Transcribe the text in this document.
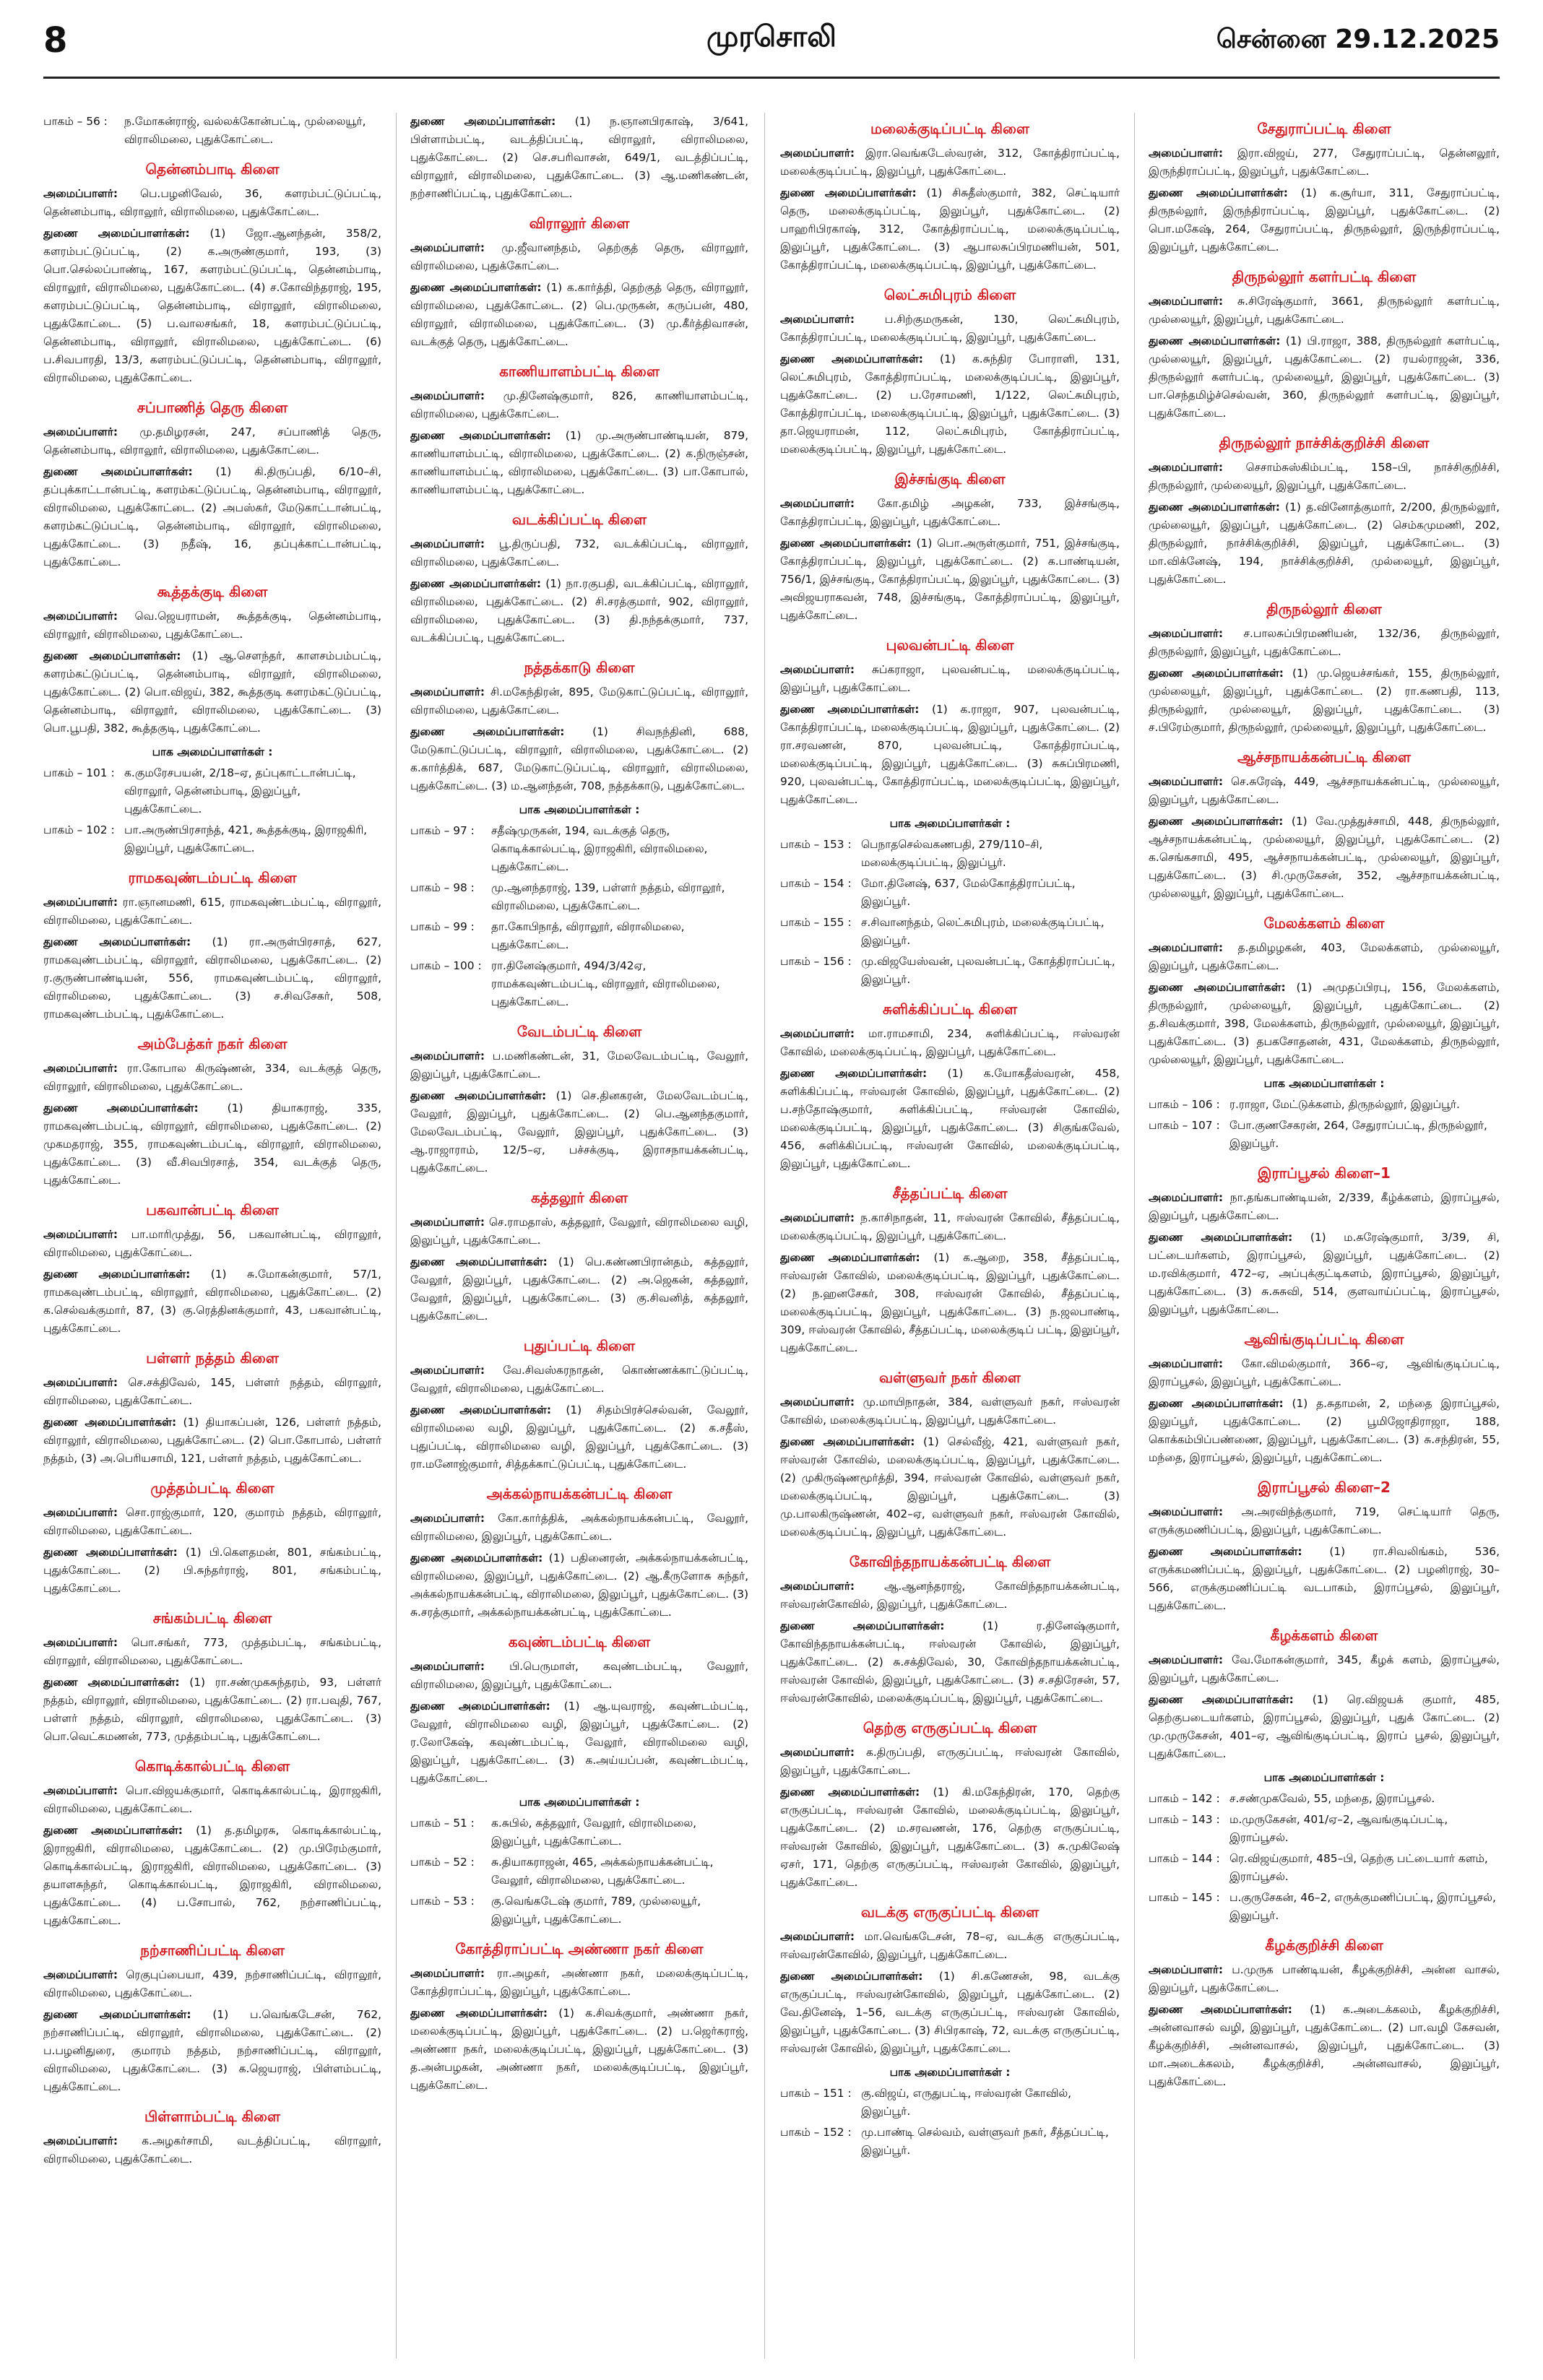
8	முரசொலி	சென்னை 29.12.2025
பாகம் – 56 :	ந.மோகன்ராஜ், வல்லக்கோன்பட்டி, முல்லையூர், விராலிமலை, புதுக்கோட்டை.
தென்னம்பாடி கிளை

அமைப்பாளர்: பெ.பழனிவேல், 36, களரம்பட்டுப்பட்டி, தென்னம்பாடி, விராலூர், விராலிமலை, புதுக்கோட்டை.

துணை அமைப்பாளர்கள்: (1) ஜோ.ஆனந்தன், 358/2, களரம்பட்டுப்பட்டி, (2) க.அருண்குமார், 193, (3) பொ.செல்லப்பாண்டி, 167, களரம்பட்டுப்பட்டி, தென்னம்பாடி, விராலூர், விராலிமலை, புதுக்கோட்டை. (4) ச.கோவிந்தராஜ், 195, களரம்பட்டுப்பட்டி, தென்னம்பாடி, விராலூர், விராலிமலை, புதுக்கோட்டை. (5) ப.வாலசங்கர், 18, களரம்பட்டுப்பட்டி, தென்னம்பாடி, விராலூர், விராலிமலை, புதுக்கோட்டை. (6) ப.சிவபாரதி, 13/3, களரம்பட்டுப்பட்டி, தென்னம்பாடி, விராலூர், விராலிமலை, புதுக்கோட்டை.

சப்பாணித் தெரு கிளை

அமைப்பாளர்: மு.தமிழரசன், 247, சப்பாணித் தெரு, தென்னம்பாடி, விராலூர், விராலிமலை, புதுக்கோட்டை.

துணை அமைப்பாளர்கள்: (1) கி.திருப்பதி, 6/10–சி, தப்புக்காட்டான்பட்டி, களரம்கட்டுப்பட்டி, தென்னம்பாடி, விராலூர், விராலிமலை, புதுக்கோட்டை. (2) அபஸ்கர், மேடுகாட்டான்பட்டி, களரம்கட்டுப்பட்டி, தென்னம்பாடி, விராலூர், விராலிமலை, புதுக்கோட்டை. (3) நதீஷ், 16, தப்புக்காட்டான்பட்டி, புதுக்கோட்டை.

கூத்தக்குடி கிளை

அமைப்பாளர்: வெ.ஜெயராமன், கூத்தக்குடி, தென்னம்பாடி, விராலூர், விராலிமலை, புதுக்கோட்டை.

துணை அமைப்பாளர்கள்: (1) ஆ.சௌந்தர், காளசம்பம்பட்டி, களரம்கட்டுப்பட்டி, தென்னம்பாடி, விராலூர், விராலிமலை, புதுக்கோட்டை. (2) பொ.விஜய், 382, கூத்தகுடி களரம்கட்டுப்பட்டி, தென்னம்பாடி, விராலூர், விராலிமலை, புதுக்கோட்டை. (3) பொ.பூபதி, 382, கூத்தகுடி, புதுக்கோட்டை.

பாக அமைப்பாளர்கள் :
பாகம் – 101 : க.குமரேசபயன், 2/18–ஏ, தப்புகாட்டான்பட்டி, விராலூர், தென்னம்பாடி, இலுப்பூர், புதுக்கோட்டை.
பாகம் – 102 : பா.அருண்பிரசாந்த், 421, கூத்தக்குடி, இராஜகிரி, இலுப்பூர், புதுக்கோட்டை.
ராமகவுண்டம்பட்டி கிளை

அமைப்பாளர்: ரா.ஞானமணி, 615, ராமகவுண்டம்பட்டி, விராலூர், விராலிமலை, புதுக்கோட்டை.

துணை அமைப்பாளர்கள்: (1) ரா.அருள்பிரசாத், 627, ராமகவுண்டம்பட்டி, விராலூர், விராலிமலை, புதுக்கோட்டை. (2) ர.குருண்பாண்டியன், 556, ராமகவுண்டம்பட்டி, விராலூர், விராலிமலை, புதுக்கோட்டை. (3) ச.சிவசேகர், 508, ராமகவுண்டம்பட்டி, புதுக்கோட்டை.

அம்பேத்கர் நகர் கிளை

அமைப்பாளர்: ரா.கோபால கிருஷ்ணன், 334, வடக்குத் தெரு, விராலூர், விராலிமலை, புதுக்கோட்டை.

துணை அமைப்பாளர்கள்: (1) தியாகராஜ், 335, ராமகவுண்டம்பட்டி, விராலூர், விராலிமலை, புதுக்கோட்டை. (2) முகமதராஜ், 355, ராமகவுண்டம்பட்டி, விராலூர், விராலிமலை, புதுக்கோட்டை. (3) வீ.சிவபிரசாத், 354, வடக்குத் தெரு, புதுக்கோட்டை.

பகவான்பட்டி கிளை

அமைப்பாளர்: பா.மாரிமுத்து, 56, பகவான்பட்டி, விராலூர், விராலிமலை, புதுக்கோட்டை.

துணை அமைப்பாளர்கள்: (1) சு.மோகன்குமார், 57/1, ராமகவுண்டம்பட்டி, விராலூர், விராலிமலை, புதுக்கோட்டை. (2) க.செல்வக்குமார், 87, (3) கு.ரெத்தினக்குமார், 43, பகவான்பட்டி, புதுக்கோட்டை.

பள்ளர் நத்தம் கிளை

அமைப்பாளர்: செ.சக்திவேல், 145, பள்ளர் நத்தம், விராலூர், விராலிமலை, புதுக்கோட்டை.

துணை அமைப்பாளர்கள்: (1) தியாகப்பன், 126, பள்ளர் நத்தம், விராலூர், விராலிமலை, புதுக்கோட்டை. (2) பொ.கோபால், பள்ளர் நத்தம், (3) அ.பெரியசாமி, 121, பள்ளர் நத்தம், புதுக்கோட்டை.

முத்தம்பட்டி கிளை

அமைப்பாளர்: சொ.ராஜ்குமார், 120, குமாரம் நத்தம், விராலூர், விராலிமலை, புதுக்கோட்டை.

துணை அமைப்பாளர்கள்: (1) பி.கௌதமன், 801, சங்கம்பட்டி, புதுக்கோட்டை. (2) பி.சுந்தர்ராஜ், 801, சங்கம்பட்டி, புதுக்கோட்டை.

சங்கம்பட்டி கிளை

அமைப்பாளர்: பொ.சங்கர், 773, முத்தம்பட்டி, சங்கம்பட்டி, விராலூர், விராலிமலை, புதுக்கோட்டை.

துணை அமைப்பாளர்கள்: (1) ரா.சண்முகசுந்தரம், 93, பள்ளர் நத்தம், விராலூர், விராலிமலை, புதுக்கோட்டை. (2) ரா.பவுதி, 767, பள்ளர் நத்தம், விராலூர், விராலிமலை, புதுக்கோட்டை. (3) பொ.வெட்கமணன், 773, முத்தம்பட்டி, புதுக்கோட்டை.

கொடிக்கால்பட்டி கிளை

அமைப்பாளர்: பொ.விஜயக்குமார், கொடிக்கால்பட்டி, இராஜகிரி, விராலிமலை, புதுக்கோட்டை.

துணை அமைப்பாளர்கள்: (1) த.தமிழரசு, கொடிக்கால்பட்டி, இராஜகிரி, விராலிமலை, புதுக்கோட்டை. (2) மு.பிரேம்குமார், கொடிக்கால்பட்டி, இராஜகிரி, விராலிமலை, புதுக்கோட்டை. (3) தயாளசுந்தர், கொடிக்கால்பட்டி, இராஜகிரி, விராலிமலை, புதுக்கோட்டை. (4) ப.சோபால், 762, நற்சாணிப்பட்டி, புதுக்கோட்டை.

நற்சாணிப்பட்டி கிளை

அமைப்பாளர்: ரெகுபுப்பையா, 439, நற்சாணிப்பட்டி, விராலூர், விராலிமலை, புதுக்கோட்டை.

துணை அமைப்பாளர்கள்: (1) ப.வெங்கடேசன், 762, நற்சாணிப்பட்டி, விராலூர், விராலிமலை, புதுக்கோட்டை. (2) ப.பழனிதுரை, குமாரம் நத்தம், நற்சாணிப்பட்டி, விராலூர், விராலிமலை, புதுக்கோட்டை. (3) க.ஜெயராஜ், பிள்ளம்பட்டி, புதுக்கோட்டை.

பிள்ளாம்பட்டி கிளை

அமைப்பாளர்: க.அழகர்சாமி, வடத்திப்பட்டி, விராலூர், விராலிமலை, புதுக்கோட்டை.

துணை அமைப்பாளர்கள்: (1) ந.ஞானபிரகாஷ், 3/641, பிள்ளாம்பட்டி, வடத்திப்பட்டி, விராலூர், விராலிமலை, புதுக்கோட்டை. (2) செ.சபரிவாசன், 649/1, வடத்திப்பட்டி, விராலூர், விராலிமலை, புதுக்கோட்டை. (3) ஆ.மணிகண்டன், நற்சாணிப்பட்டி, புதுக்கோட்டை.

விராலூர் கிளை

அமைப்பாளர்: மு.ஜீவானந்தம், தெற்குத் தெரு, விராலூர், விராலிமலை, புதுக்கோட்டை.

துணை அமைப்பாளர்கள்: (1) க.கார்த்தி, தெற்குத் தெரு, விராலூர், விராலிமலை, புதுக்கோட்டை. (2) பெ.முருகன், கருப்பன், 480, விராலூர், விராலிமலை, புதுக்கோட்டை. (3) மு.கீர்த்திவாசன், வடக்குத் தெரு, புதுக்கோட்டை.

காணியாளம்பட்டி கிளை

அமைப்பாளர்: மு.தினேஷ்குமார், 826, காணியாளம்பட்டி, விராலிமலை, புதுக்கோட்டை.

துணை அமைப்பாளர்கள்: (1) மு.அருண்பாண்டியன், 879, காணியாளம்பட்டி, விராலிமலை, புதுக்கோட்டை. (2) க.நிருஞ்சன், காணியாளம்பட்டி, விராலிமலை, புதுக்கோட்டை. (3) பா.கோபால், காணியாளம்பட்டி, புதுக்கோட்டை.

வடக்கிப்பட்டி கிளை

அமைப்பாளர்: பூ.திருப்பதி, 732, வடக்கிப்பட்டி, விராலூர், விராலிமலை, புதுக்கோட்டை.

துணை அமைப்பாளர்கள்: (1) நா.ரகுபதி, வடக்கிப்பட்டி, விராலூர், விராலிமலை, புதுக்கோட்டை. (2) சி.சரத்குமார், 902, விராலூர், விராலிமலை, புதுக்கோட்டை. (3) தி.நந்தக்குமார், 737, வடக்கிப்பட்டி, புதுக்கோட்டை.

நத்தக்காடு கிளை

அமைப்பாளர்: சி.மகேந்திரன், 895, மேடுகாட்டுப்பட்டி, விராலூர், விராலிமலை, புதுக்கோட்டை.

துணை அமைப்பாளர்கள்: (1) சிவநந்தினி, 688, மேடுகாட்டுப்பட்டி, விராலூர், விராலிமலை, புதுக்கோட்டை. (2) க.கார்த்திக், 687, மேடுகாட்டுப்பட்டி, விராலூர், விராலிமலை, புதுக்கோட்டை. (3) ம.ஆனந்தன், 708, நத்தக்காடு, புதுக்கோட்டை.

பாக அமைப்பாளர்கள் :
பாகம் – 97 :	சதீஷ்முருகன், 194, வடக்குத் தெரு, கொடிக்கால்பட்டி, இராஜகிரி, விராலிமலை, புதுக்கோட்டை.
பாகம் – 98 :	மு.ஆனந்தராஜ், 139, பள்ளர் நத்தம், விராலூர், விராலிமலை, புதுக்கோட்டை.
பாகம் – 99 :	தா.கோபிநாத், விராலூர், விராலிமலை, புதுக்கோட்டை.
பாகம் – 100 : ரா.தினேஷ்குமார், 494/3/42ஏ, ராமக்கவுண்டம்பட்டி, விராலூர், விராலிமலை, புதுக்கோட்டை.
வேடம்பட்டி கிளை

அமைப்பாளர்: ப.மணிகண்டன், 31, மேலவேடம்பட்டி, வேலூர், இலுப்பூர், புதுக்கோட்டை.

துணை அமைப்பாளர்கள்: (1) செ.தினகரன், மேலவேடம்பட்டி, வேலூர், இலுப்பூர், புதுக்கோட்டை. (2) பெ.ஆனந்தகுமார், மேலவேடம்பட்டி, வேலூர், இலுப்பூர், புதுக்கோட்டை. (3) ஆ.ராஜாராம், 12/5–ஏ, பச்சக்குடி, இராசநாயக்கன்பட்டி, புதுக்கோட்டை.

கத்தலூர் கிளை

அமைப்பாளர்: செ.ராமதாஸ், கத்தலூர், வேலூர், விராலிமலை வழி, இலுப்பூர், புதுக்கோட்டை.

துணை அமைப்பாளர்கள்: (1) பெ.கண்ணபிரான்தம், கத்தலூர், வேலூர், இலுப்பூர், புதுக்கோட்டை. (2) அ.ஜெகன், கத்தலூர், வேலூர், இலுப்பூர், புதுக்கோட்டை. (3) கு.சிவனித், கத்தலூர், புதுக்கோட்டை.

புதுப்பட்டி கிளை

அமைப்பாளர்: வே.சிவஸ்கரநாதன், கொண்ணக்காட்டுப்பட்டி, வேலூர், விராலிமலை, புதுக்கோட்டை.

துணை அமைப்பாளர்கள்: (1) சிதம்பிரச்செல்வன், வேலூர், விராலிமலை வழி, இலுப்பூர், புதுக்கோட்டை. (2) க.சதீஸ், புதுப்பட்டி, விராலிமலை வழி, இலுப்பூர், புதுக்கோட்டை. (3) ரா.மனோஜ்குமார், சித்தக்காட்டுப்பட்டி, புதுக்கோட்டை.

அக்கல்நாயக்கன்பட்டி கிளை

அமைப்பாளர்: கோ.கார்த்திக், அக்கல்நாயக்கன்பட்டி, வேலூர், விராலிமலை, இலுப்பூர், புதுக்கோட்டை.

துணை அமைப்பாளர்கள்: (1) பதினைரன், அக்கல்நாயக்கன்பட்டி, விராலிமலை, இலுப்பூர், புதுக்கோட்டை. (2) ஆ.கீருளோசு சுந்தர், அக்கல்நாயக்கன்பட்டி, விராலிமலை, இலுப்பூர், புதுக்கோட்டை. (3) சு.சரத்குமார், அக்கல்நாயக்கன்பட்டி, புதுக்கோட்டை.

கவுண்டம்பட்டி கிளை

அமைப்பாளர்: பி.பெருமாள், கவுண்டம்பட்டி, வேலூர், விராலிமலை, இலுப்பூர், புதுக்கோட்டை.

துணை அமைப்பாளர்கள்: (1) ஆ.யுவராஜ், கவுண்டம்பட்டி, வேலூர், விராலிமலை வழி, இலுப்பூர், புதுக்கோட்டை. (2) ர.லோகேஷ், கவுண்டம்பட்டி, வேலூர், விராலிமலை வழி, இலுப்பூர், புதுக்கோட்டை. (3) க.அய்யப்பன், கவுண்டம்பட்டி, புதுக்கோட்டை.

பாக அமைப்பாளர்கள் :
பாகம் – 51 :	க.சுபில், கத்தலூர், வேலூர், விராலிமலை, இலுப்பூர், புதுக்கோட்டை.
பாகம் – 52 :	சு.தியாகராஜன், 465, அக்கல்நாயக்கன்பட்டி, வேலூர், விராலிமலை, புதுக்கோட்டை.
பாகம் – 53 :	கு.வெங்கடேஷ் குமார், 789, முல்லையூர், இலுப்பூர், புதுக்கோட்டை.
கோத்திராப்பட்டி அண்ணா நகர் கிளை

அமைப்பாளர்: ரா.அழகர், அண்ணா நகர், மலைக்குடிப்பட்டி, கோத்திராப்பட்டி, இலுப்பூர், புதுக்கோட்டை.

துணை அமைப்பாளர்கள்: (1) க.சிவக்குமார், அண்ணா நகர், மலைக்குடிப்பட்டி, இலுப்பூர், புதுக்கோட்டை. (2) ப.ஜெர்கராஜ், அண்ணா நகர், மலைக்குடிப்பட்டி, இலுப்பூர், புதுக்கோட்டை. (3) த.அன்பழகன், அண்ணா நகர், மலைக்குடிப்பட்டி, இலுப்பூர், புதுக்கோட்டை.

மலைக்குடிப்பட்டி கிளை

அமைப்பாளர்: இரா.வெங்கடேஸ்வரன், 312, கோத்திராப்பட்டி, மலைக்குடிப்பட்டி, இலுப்பூர், புதுக்கோட்டை.

துணை அமைப்பாளர்கள்: (1) சிசுதீஸ்குமார், 382, செட்டியார் தெரு, மலைக்குடிப்பட்டி, இலுப்பூர், புதுக்கோட்டை. (2) பாஹரிபிரகாஷ், 312, கோத்திராப்பட்டி, மலைக்குடிப்பட்டி, இலுப்பூர், புதுக்கோட்டை. (3) ஆபாலசுப்பிரமணியன், 501, கோத்திராப்பட்டி, மலைக்குடிப்பட்டி, இலுப்பூர், புதுக்கோட்டை.

லெட்சுமிபுரம் கிளை

அமைப்பாளர்: ப.சிற்குமருகன், 130, லெட்சுமிபுரம், கோத்திராப்பட்டி, மலைக்குடிப்பட்டி, இலுப்பூர், புதுக்கோட்டை.

துணை அமைப்பாளர்கள்: (1) க.சுந்திர போராளி, 131, லெட்சுமிபுரம், கோத்திராப்பட்டி, மலைக்குடிப்பட்டி, இலுப்பூர், புதுக்கோட்டை. (2) ப.ரேசாமணி, 1/122, லெட்சுமிபுரம், கோத்திராப்பட்டி, மலைக்குடிப்பட்டி, இலுப்பூர், புதுக்கோட்டை. (3) தா.ஜெயராமன், 112, லெட்சுமிபுரம், கோத்திராப்பட்டி, மலைக்குடிப்பட்டி, இலுப்பூர், புதுக்கோட்டை.

இச்சங்குடி கிளை

அமைப்பாளர்: கோ.தமிழ் அழகன், 733, இச்சங்குடி, கோத்திராப்பட்டி, இலுப்பூர், புதுக்கோட்டை.

துணை அமைப்பாளர்கள்: (1) பொ.அருள்குமார், 751, இச்சங்குடி, கோத்திராப்பட்டி, இலுப்பூர், புதுக்கோட்டை. (2) க.பாண்டியன், 756/1, இச்சங்குடி, கோத்திராப்பட்டி, இலுப்பூர், புதுக்கோட்டை. (3) அவிஜயராகவன், 748, இச்சங்குடி, கோத்திராப்பட்டி, இலுப்பூர், புதுக்கோட்டை.

புலவன்பட்டி கிளை

அமைப்பாளர்: சுப்கராஜா, புலவன்பட்டி, மலைக்குடிப்பட்டி, இலுப்பூர், புதுக்கோட்டை.

துணை அமைப்பாளர்கள்: (1) க.ராஜா, 907, புலவன்பட்டி, கோத்திராப்பட்டி, மலைக்குடிப்பட்டி, இலுப்பூர், புதுக்கோட்டை. (2) ரா.சரவணன், 870, புலவன்பட்டி, கோத்திராப்பட்டி, மலைக்குடிப்பட்டி, இலுப்பூர், புதுக்கோட்டை. (3) சுசுப்பிரமணி, 920, புலவன்பட்டி, கோத்திராப்பட்டி, மலைக்குடிப்பட்டி, இலுப்பூர், புதுக்கோட்டை.

பாக அமைப்பாளர்கள் :
பாகம் – 153 : பெநாதசெல்வகணபதி, 279/110–சி, மலைக்குடிப்பட்டி, இலுப்பூர்.
பாகம் – 154 : மோ.தினேஷ், 637, மேல்கோத்திராப்பட்டி, இலுப்பூர்.
பாகம் – 155 : ச.சிவானந்தம், லெட்சுமிபுரம், மலைக்குடிப்பட்டி, இலுப்பூர்.
பாகம் – 156 : மு.விஜயேஸ்வன், புலவன்பட்டி, கோத்திராப்பட்டி, இலுப்பூர்.
சுளிக்கிப்பட்டி கிளை

அமைப்பாளர்: மா.ராமசாமி, 234, சுளிக்கிப்பட்டி, ஈஸ்வரன் கோவில், மலைக்குடிப்பட்டி, இலுப்பூர், புதுக்கோட்டை.

துணை அமைப்பாளர்கள்: (1) க.யோகதீஸ்வரன், 458, சுளிக்கிப்பட்டி, ஈஸ்வரன் கோவில், இலுப்பூர், புதுக்கோட்டை. (2) ப.சந்தோஷ்குமார், சுளிக்கிப்பட்டி, ஈஸ்வரன் கோவில், மலைக்குடிப்பட்டி, இலுப்பூர், புதுக்கோட்டை. (3) சிகுங்கவேல், 456, சுளிக்கிப்பட்டி, ஈஸ்வரன் கோவில், மலைக்குடிப்பட்டி, இலுப்பூர், புதுக்கோட்டை.

சீத்தப்பட்டி கிளை

அமைப்பாளர்: ந.காசிநாதன், 11, ஈஸ்வரன் கோவில், சீத்தப்பட்டி, மலைக்குடிப்பட்டி, இலுப்பூர், புதுக்கோட்டை.

துணை அமைப்பாளர்கள்: (1) க.ஆறை, 358, சீத்தப்பட்டி, ஈஸ்வரன் கோவில், மலைக்குடிப்பட்டி, இலுப்பூர், புதுக்கோட்டை. (2) ந.ஹனசேகர், 308, ஈஸ்வரன் கோவில், சீத்தப்பட்டி, மலைக்குடிப்பட்டி, இலுப்பூர், புதுக்கோட்டை. (3) ந.ஜலபாண்டி, 309, ஈஸ்வரன் கோவில், சீத்தப்பட்டி, மலைக்குடிப் பட்டி, இலுப்பூர், புதுக்கோட்டை.

வள்ளுவர் நகர் கிளை

அமைப்பாளர்: மு.மாயிநாதன், 384, வள்ளுவர் நகர், ஈஸ்வரன் கோவில், மலைக்குடிப்பட்டி, இலுப்பூர், புதுக்கோட்டை.

துணை அமைப்பாளர்கள்: (1) செல்வீஜ், 421, வள்ளுவர் நகர், ஈஸ்வரன் கோவில், மலைக்குடிப்பட்டி, இலுப்பூர், புதுக்கோட்டை. (2) முகிருஷ்ணமூர்த்தி, 394, ஈஸ்வரன் கோவில், வள்ளுவர் நகர், மலைக்குடிப்பட்டி, இலுப்பூர், புதுக்கோட்டை. (3) மு.பாலகிருஷ்ணன், 402–ஏ, வள்ளுவர் நகர், ஈஸ்வரன் கோவில், மலைக்குடிப்பட்டி, இலுப்பூர், புதுக்கோட்டை.

கோவிந்தநாயக்கன்பட்டி கிளை

அமைப்பாளர்: ஆ.ஆனந்தராஜ், கோவிந்தநாயக்கன்பட்டி, ஈஸ்வரன்கோவில், இலுப்பூர், புதுக்கோட்டை.

துணை அமைப்பாளர்கள்: (1) ர.தினேஷ்குமார், கோவிந்தநாயக்கன்பட்டி, ஈஸ்வரன் கோவில், இலுப்பூர், புதுக்கோட்டை. (2) சு.சக்திவேல், 30, கோவிந்தநாயக்கன்பட்டி, ஈஸ்வரன் கோவில், இலுப்பூர், புதுக்கோட்டை. (3) ச.சதிரேசன், 57, ஈஸ்வரன்கோவில், மலைக்குடிப்பட்டி, இலுப்பூர், புதுக்கோட்டை.

தெற்கு எருகுப்பட்டி கிளை

அமைப்பாளர்: க.திருப்பதி, எருகுப்பட்டி, ஈஸ்வரன் கோவில், இலுப்பூர், புதுக்கோட்டை.

துணை அமைப்பாளர்கள்: (1) கி.மகேந்திரன், 170, தெற்கு எருகுப்பட்டி, ஈஸ்வரன் கோவில், மலைக்குடிப்பட்டி, இலுப்பூர், புதுக்கோட்டை. (2) ம.சரவணன், 176, தெற்கு எருகுப்பட்டி, ஈஸ்வரன் கோவில், இலுப்பூர், புதுக்கோட்டை. (3) சு.முகிலேஷ் ஏசர், 171, தெற்கு எருகுப்பட்டி, ஈஸ்வரன் கோவில், இலுப்பூர், புதுக்கோட்டை.

வடக்கு எருகுப்பட்டி கிளை

அமைப்பாளர்: மா.வெங்கடேசன், 78–ஏ, வடக்கு எருகுப்பட்டி, ஈஸ்வரன்கோவில், இலுப்பூர், புதுக்கோட்டை.

துணை அமைப்பாளர்கள்: (1) சி.கணேசன், 98, வடக்கு எருகுப்பட்டி, ஈஸ்வரன்கோவில், இலுப்பூர், புதுக்கோட்டை. (2) வே.தினேஷ், 1–56, வடக்கு எருகுப்பட்டி, ஈஸ்வரன் கோவில், இலுப்பூர், புதுக்கோட்டை. (3) சிபிரகாஷ், 72, வடக்கு எருகுப்பட்டி, ஈஸ்வரன் கோவில், இலுப்பூர், புதுக்கோட்டை.

பாக அமைப்பாளர்கள் :
பாகம் – 151 : கு.விஜய், எருதுபட்டி, ஈஸ்வரன் கோவில், இலுப்பூர்.
பாகம் – 152 : மு.பாண்டி செல்வம், வள்ளுவர் நகர், சீத்தப்பட்டி, இலுப்பூர்.
சேதுராப்பட்டி கிளை

அமைப்பாளர்: இரா.விஜய், 277, சேதுராப்பட்டி, தென்னலூர், இருந்திராப்பட்டி, இலுப்பூர், புதுக்கோட்டை.

துணை அமைப்பாளர்கள்: (1) க.சூர்யா, 311, சேதுராப்பட்டி, திருநல்லூர், இருந்திராப்பட்டி, இலுப்பூர், புதுக்கோட்டை. (2) பொ.மகேஷ், 264, சேதுராப்பட்டி, திருநல்லூர், இருந்திராப்பட்டி, இலுப்பூர், புதுக்கோட்டை.

திருநல்லூர் களர்பட்டி கிளை

அமைப்பாளர்: சு.சிரேஷ்குமார், 3661, திருநல்லூர் களர்பட்டி, முல்லையூர், இலுப்பூர், புதுக்கோட்டை.

துணை அமைப்பாளர்கள்: (1) பி.ராஜா, 388, திருநல்லூர் களர்பட்டி, முல்லையூர், இலுப்பூர், புதுக்கோட்டை. (2) ரயல்ராஜன், 336, திருநல்லூர் களர்பட்டி, முல்லையூர், இலுப்பூர், புதுக்கோட்டை. (3) பா.செந்தமிழ்ச்செல்வன், 360, திருநல்லூர் களர்பட்டி, இலுப்பூர், புதுக்கோட்டை.

திருநல்லூர் நாச்சிக்குறிச்சி கிளை

அமைப்பாளர்: செசாம்சுஸ்கிம்பட்டி, 158–பி, நாச்சிகுறிச்சி, திருநல்லூர், முல்லையூர், இலுப்பூர், புதுக்கோட்டை.

துணை அமைப்பாளர்கள்: (1) த.வினோத்குமார், 2/200, திருநல்லூர், முல்லையூர், இலுப்பூர், புதுக்கோட்டை. (2) செம்கமுமணி, 202, திருநல்லூர், நாச்சிக்குறிச்சி, இலுப்பூர், புதுக்கோட்டை. (3) மா.விக்னேஷ், 194, நாச்சிக்குறிச்சி, முல்லையூர், இலுப்பூர், புதுக்கோட்டை.

திருநல்லூர் கிளை

அமைப்பாளர்: ச.பாலசுப்பிரமணியன், 132/36, திருநல்லூர், திருநல்லூர், இலுப்பூர், புதுக்கோட்டை.

துணை அமைப்பாளர்கள்: (1) மு.ஜெயச்சங்கர், 155, திருநல்லூர், முல்லையூர், இலுப்பூர், புதுக்கோட்டை. (2) ரா.கணபதி, 113, திருநல்லூர், முல்லையூர், இலுப்பூர், புதுக்கோட்டை. (3) ச.பிரேம்குமார், திருநல்லூர், முல்லையூர், இலுப்பூர், புதுக்கோட்டை.

ஆச்சநாயக்கன்பட்டி கிளை

அமைப்பாளர்: செ.சுரேஷ், 449, ஆச்சநாயக்கன்பட்டி, முல்லையூர், இலுப்பூர், புதுக்கோட்டை.

துணை அமைப்பாளர்கள்: (1) வே.முத்துச்சாமி, 448, திருநல்லூர், ஆச்சநாயக்கன்பட்டி, முல்லையூர், இலுப்பூர், புதுக்கோட்டை. (2) க.செங்கசாமி, 495, ஆச்சநாயக்கன்பட்டி, முல்லையூர், இலுப்பூர், புதுக்கோட்டை. (3) சி.முருகேசன், 352, ஆச்சநாயக்கன்பட்டி, முல்லையூர், இலுப்பூர், புதுக்கோட்டை.

மேலக்களம் கிளை

அமைப்பாளர்: த.தமிழழகன், 403, மேலக்களம், முல்லையூர், இலுப்பூர், புதுக்கோட்டை.

துணை அமைப்பாளர்கள்: (1) அமுதப்பிரபு, 156, மேலக்களம், திருநல்லூர், முல்லையூர், இலுப்பூர், புதுக்கோட்டை. (2) த.சிவக்குமார், 398, மேலக்களம், திருநல்லூர், முல்லையூர், இலுப்பூர், புதுக்கோட்டை. (3) தபகசோதனன், 431, மேலக்களம், திருநல்லூர், முல்லையூர், இலுப்பூர், புதுக்கோட்டை.

பாக அமைப்பாளர்கள் :
பாகம் – 106 : ர.ராஜா, மேட்டுக்களம், திருநல்லூர், இலுப்பூர்.
பாகம் – 107 : போ.குணசேகரன், 264, சேதுராப்பட்டி, திருநல்லூர், இலுப்பூர்.
இராப்பூசல் கிளை–1

அமைப்பாளர்: நா.தங்கபாண்டியன், 2/339, கீழ்க்களம், இராப்பூசல், இலுப்பூர், புதுக்கோட்டை.

துணை அமைப்பாளர்கள்: (1) ம.சுரேஷ்குமார், 3/39, சி, பட்டையர்களம், இராப்பூசல், இலுப்பூர், புதுக்கோட்டை. (2) ம.ரவிக்குமார், 472–ஏ, அப்புக்குட்டிகளம், இராப்பூசல், இலுப்பூர், புதுக்கோட்டை. (3) சு.சுசுவி, 514, குளவாய்ப்பட்டி, இராப்பூசல், இலுப்பூர், புதுக்கோட்டை.

ஆவிங்குடிப்பட்டி கிளை

அமைப்பாளர்: கோ.விமல்குமார், 366–ஏ, ஆவிங்குடிப்பட்டி, இராப்பூசல், இலுப்பூர், புதுக்கோட்டை.

துணை அமைப்பாளர்கள்: (1) த.சுதாமன், 2, மந்தை இராப்பூசல், இலுப்பூர், புதுக்கோட்டை. (2) பூமிஜோதிராஜா, 188, கொக்கம்பிப்பண்ணை, இலுப்பூர், புதுக்கோட்டை. (3) சு.சந்திரன், 55, மந்தை, இராப்பூசல், இலுப்பூர், புதுக்கோட்டை.

இராப்பூசல் கிளை–2

அமைப்பாளர்: அ.அரவிந்த்குமார், 719, செட்டியார் தெரு, எருக்குமணிப்பட்டி, இலுப்பூர், புதுக்கோட்டை.

துணை அமைப்பாளர்கள்: (1) ரா.சிவலிங்கம், 536, எருக்கமணிப்பட்டி, இலுப்பூர், புதுக்கோட்டை. (2) பழனிராஜ், 30–566, எருக்குமணிப்பட்டி வடபாகம், இராப்பூசல், இலுப்பூர், புதுக்கோட்டை.

கீழக்களம் கிளை

அமைப்பாளர்: வே.மோகன்குமார், 345, கீழக் களம், இராப்பூசல், இலுப்பூர், புதுக்கோட்டை.

துணை அமைப்பாளர்கள்: (1) ரெ.விஜயக் குமார், 485, தெற்குபடையர்களம், இராப்பூசல், இலுப்பூர், புதுக் கோட்டை. (2) மு.முருகேசன், 401–ஏ, ஆவிங்குடிப்பட்டி, இராப் பூசல், இலுப்பூர், புதுக்கோட்டை.

பாக அமைப்பாளர்கள் :
பாகம் – 142 : ச.சண்முகவேல், 55, மந்தை, இராப்பூசல்.
பாகம் – 143 : ம.முருகேசன், 401/ஏ–2, ஆவங்குடிப்பட்டி, இராப்பூசல்.
பாகம் – 144 : ரெ.விஜய்குமார், 485–பி, தெற்கு பட்டையார் களம், இராப்பூசல்.
பாகம் – 145 : ப.குருசேகன், 46–2, எருக்குமணிப்பட்டி, இராப்பூசல், இலுப்பூர்.
கீழக்குறிச்சி கிளை

அமைப்பாளர்: ப.முருக பாண்டியன், கீழக்குறிச்சி, அன்ன வாசல், இலுப்பூர், புதுக்கோட்டை.

துணை அமைப்பாளர்கள்: (1) க.அடைக்கலம், கீழக்குறிச்சி, அன்னவாசல் வழி, இலுப்பூர், புதுக்கோட்டை. (2) பா.வழி கேசவன், கீழக்குறிச்சி, அன்னவாசல், இலுப்பூர், புதுக்கோட்டை. (3) மா.அடைக்கலம், கீழக்குறிச்சி, அன்னவாசல், இலுப்பூர், புதுக்கோட்டை.
